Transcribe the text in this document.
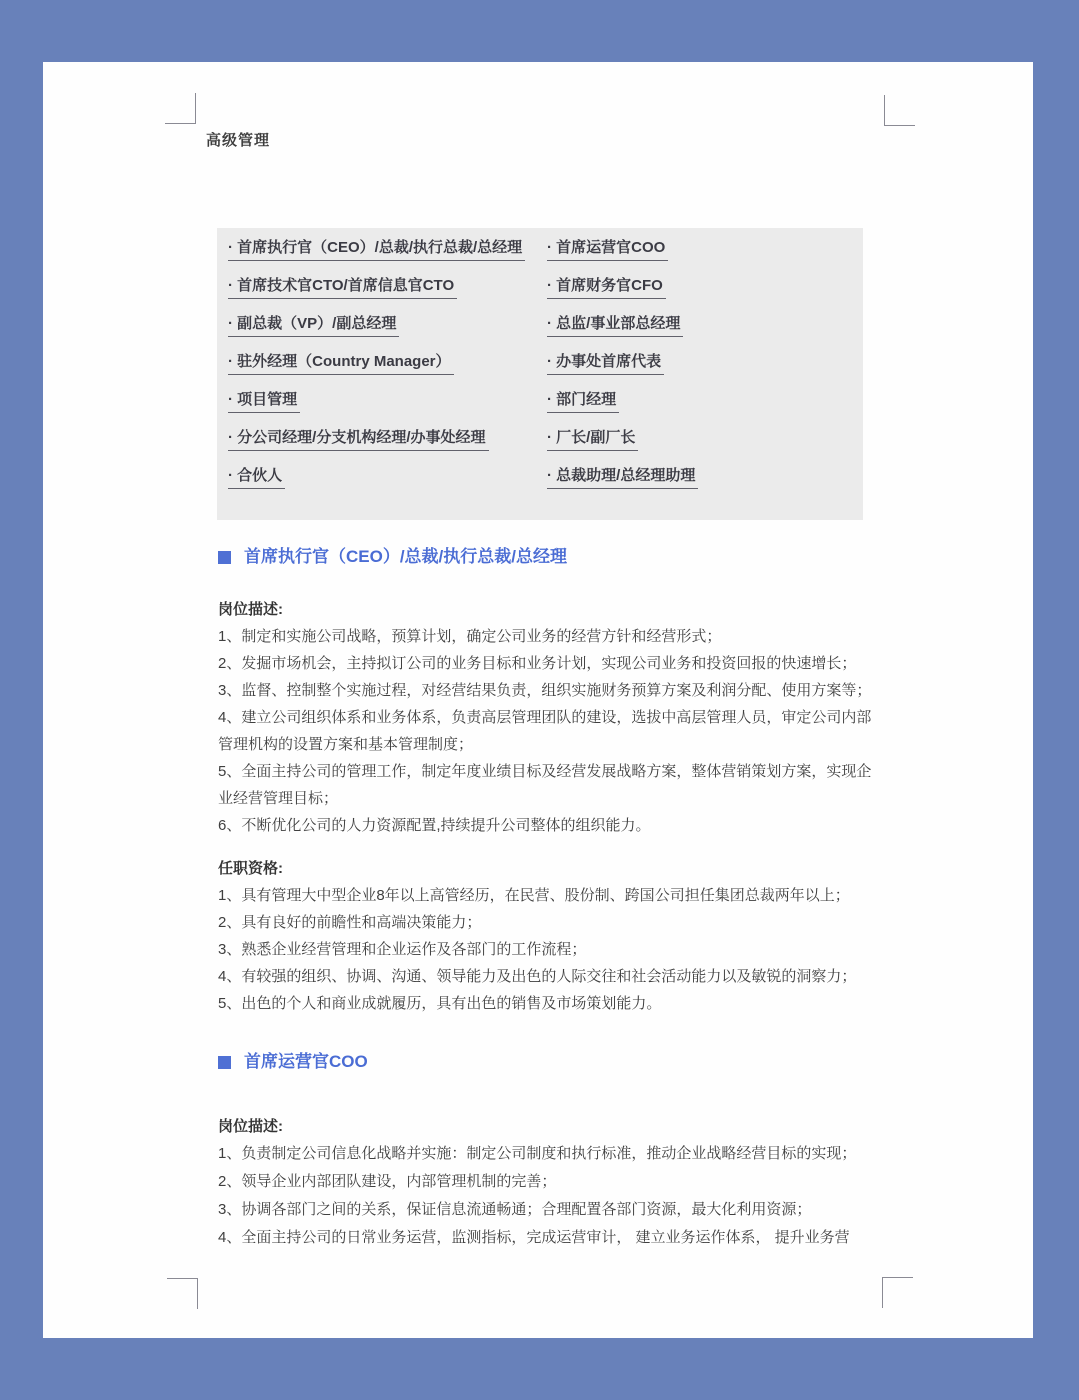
高级管理
· 首席执行官（CEO）/总裁/执行总裁/总经理 · 首席运营官COO
· 首席技术官CTO/首席信息官CTO	· 首席财务官CFO
· 副总裁（VP）/副总经理	· 总监/事业部总经理
· 驻外经理（Country Manager）	· 办事处首席代表
· 项目管理	· 部门经理
· 分公司经理/分支机构经理/办事处经理	· 厂长/副厂长
· 合伙人	· 总裁助理/总经理助理
首席执行官（CEO）/总裁/执行总裁/总经理

岗位描述:

1、制定和实施公司战略，预算计划，确定公司业务的经营方针和经营形式；

2、发掘市场机会，主持拟订公司的业务目标和业务计划，实现公司业务和投资回报的快速增长；

3、监督、控制整个实施过程，对经营结果负责，组织实施财务预算方案及利润分配、使用方案等；

4、建立公司组织体系和业务体系，负责高层管理团队的建设，选拔中高层管理人员，审定公司内部管理机构的设置方案和基本管理制度；

5、全面主持公司的管理工作，制定年度业绩目标及经营发展战略方案，整体营销策划方案，实现企业经营管理目标；

6、不断优化公司的人力资源配置,持续提升公司整体的组织能力。

任职资格:

1、具有管理大中型企业8年以上高管经历，在民营、股份制、跨国公司担任集团总裁两年以上；

2、具有良好的前瞻性和高端决策能力；

3、熟悉企业经营管理和企业运作及各部门的工作流程；

4、有较强的组织、协调、沟通、领导能力及出色的人际交往和社会活动能力以及敏锐的洞察力；

5、出色的个人和商业成就履历，具有出色的销售及市场策划能力。

首席运营官COO

岗位描述:

1、负责制定公司信息化战略并实施：制定公司制度和执行标准，推动企业战略经营目标的实现；

2、领导企业内部团队建设，内部管理机制的完善；

3、协调各部门之间的关系，保证信息流通畅通；合理配置各部门资源，最大化利用资源；

4、全面主持公司的日常业务运营，监测指标，完成运营审计， 建立业务运作体系， 提升业务营
